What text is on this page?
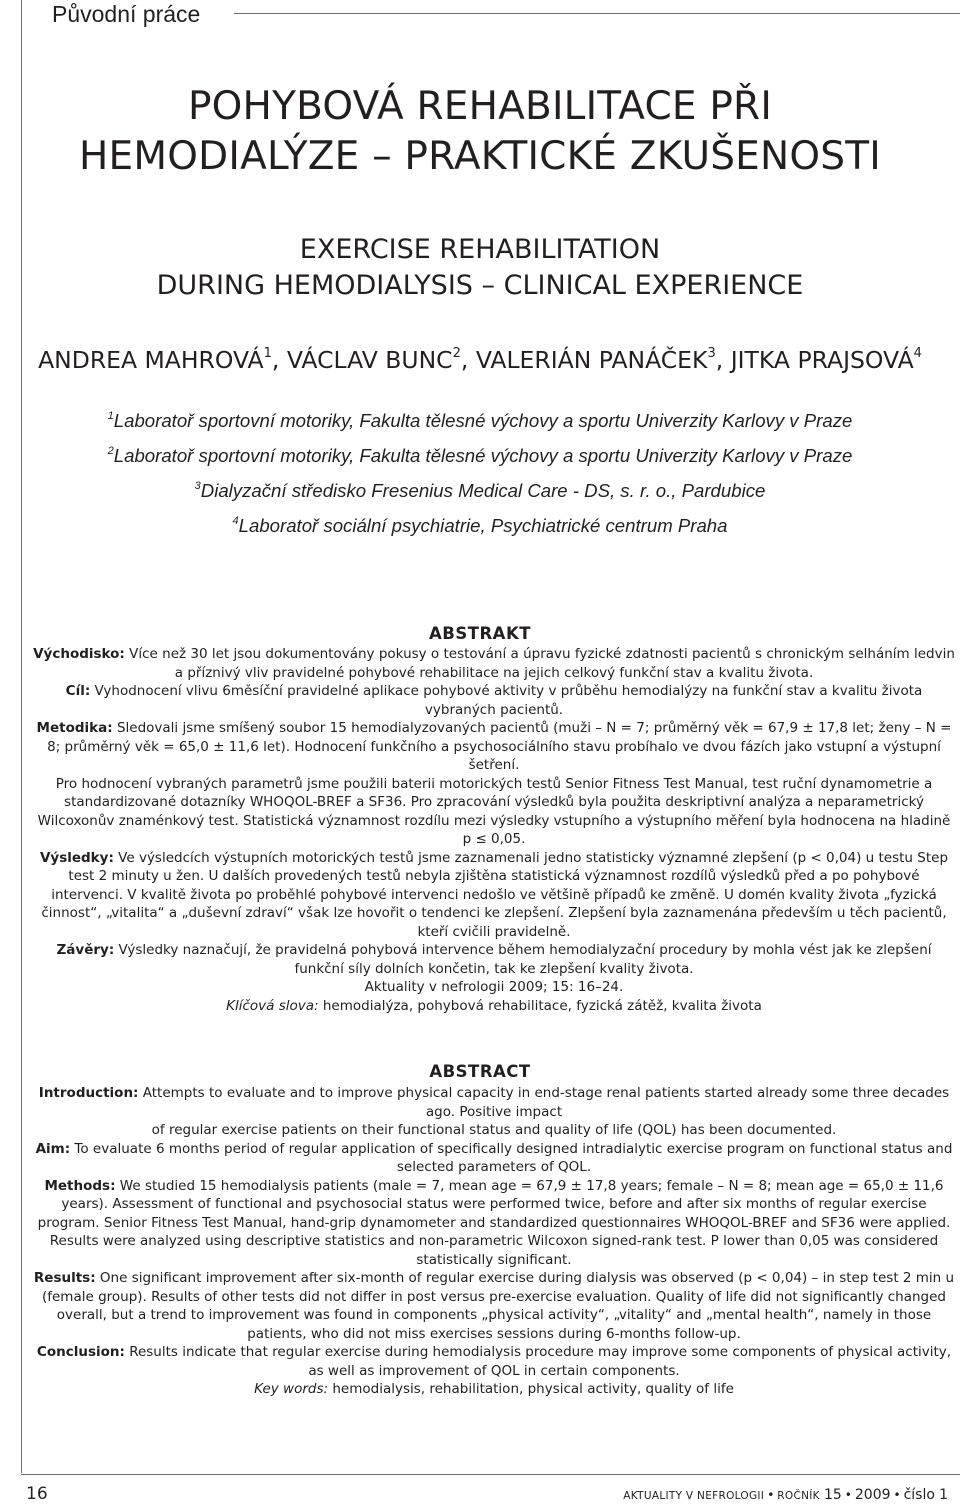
Původní práce
POHYBOVÁ REHABILITACE PŘI
HEMODIALÝZE – PRAKTICKÉ ZKUŠENOSTI
EXERCISE REHABILITATION
DURING HEMODIALYSIS – CLINICAL EXPERIENCE
ANDREA MAHROVÁ$^1$, VÁCLAV BUNC$^2$, VALERIÁN PANÁČEK$^3$, JITKA PRAJSOVÁ$^4$
$^1$Laboratoř sportovní motoriky, Fakulta tělesné výchovy a sportu Univerzity Karlovy v Praze
$^2$Laboratoř sportovní motoriky, Fakulta tělesné výchovy a sportu Univerzity Karlovy v Praze
$^3$Dialyzační středisko Fresenius Medical Care - DS, s. r. o., Pardubice
$^4$Laboratoř sociální psychiatrie, Psychiatrické centrum Praha
ABSTRAKT

Východisko: Více než 30 let jsou dokumentovány pokusy o testování a úpravu fyzické zdatnosti pacientů s chronickým selháním ledvin a příznivý vliv pravidelné pohybové rehabilitace na jejich celkový funkční stav a kvalitu života.

Cíl: Vyhodnocení vlivu 6měsíční pravidelné aplikace pohybové aktivity v průběhu hemodialýzy na funkční stav a kvalitu života vybraných pacientů.

Metodika: Sledovali jsme smíšený soubor 15 hemodialyzovaných pacientů (muži – N = 7; průměrný věk = 67,9 ± 17,8 let; ženy – N = 8; průměrný věk = 65,0 ± 11,6 let). Hodnocení funkčního a psychosociálního stavu probíhalo ve dvou fázích jako vstupní a výstupní šetření.

Pro hodnocení vybraných parametrů jsme použili baterii motorických testů Senior Fitness Test Manual, test ruční dynamometrie a standardizované dotazníky WHOQOL-BREF a SF36. Pro zpracování výsledků byla použita deskriptivní analýza a neparametrický Wilcoxonův znaménkový test. Statistická významnost rozdílu mezi výsledky vstupního a výstupního měření byla hodnocena na hladině p ≤ 0,05.

Výsledky: Ve výsledcích výstupních motorických testů jsme zaznamenali jedno statisticky významné zlepšení (p < 0,04) u testu Step test 2 minuty u žen. U dalších provedených testů nebyla zjištěna statistická významnost rozdílů výsledků před a po pohybové intervenci. V kvalitě života po proběhlé pohybové intervenci nedošlo ve většině případů ke změně. U domén kvality života „fyzická činnost“, „vitalita“ a „duševní zdraví“ však lze hovořit o tendenci ke zlepšení. Zlepšení byla zaznamenána především u těch pacientů, kteří cvičili pravidelně.

Závěry: Výsledky naznačují, že pravidelná pohybová intervence během hemodialyzační procedury by mohla vést jak ke zlepšení funkční síly dolních končetin, tak ke zlepšení kvality života.

Aktuality v nefrologii 2009; 15: 16–24.

Klíčová slova: hemodialýza, pohybová rehabilitace, fyzická zátěž, kvalita života

ABSTRACT

Introduction: Attempts to evaluate and to improve physical capacity in end-stage renal patients started already some three decades ago. Positive impact

of regular exercise patients on their functional status and quality of life (QOL) has been documented.

Aim: To evaluate 6 months period of regular application of specifically designed intradialytic exercise program on functional status and selected parameters of QOL.

Methods: We studied 15 hemodialysis patients (male = 7, mean age = 67,9 ± 17,8 years; female – N = 8; mean age = 65,0 ± 11,6 years). Assessment of functional and psychosocial status were performed twice, before and after six months of regular exercise program. Senior Fitness Test Manual, hand-grip dynamometer and standardized questionnaires WHOQOL-BREF and SF36 were applied. Results were analyzed using descriptive statistics and non-parametric Wilcoxon signed-rank test. P lower than 0,05 was considered statistically significant.

Results: One significant improvement after six-month of regular exercise during dialysis was observed (p < 0,04) – in step test 2 min u (female group). Results of other tests did not differ in post versus pre-exercise evaluation. Quality of life did not significantly changed overall, but a trend to improvement was found in components „physical activity“, „vitality“ and „mental health“, namely in those patients, who did not miss exercises sessions during 6-months follow-up.

Conclusion: Results indicate that regular exercise during hemodialysis procedure may improve some components of physical activity, as well as improvement of QOL in certain components.

Key words: hemodialysis, rehabilitation, physical activity, quality of life

16	AKTUALITY V NEFROLOGII • ROČNÍK 15 • 2009 • číslo 1
